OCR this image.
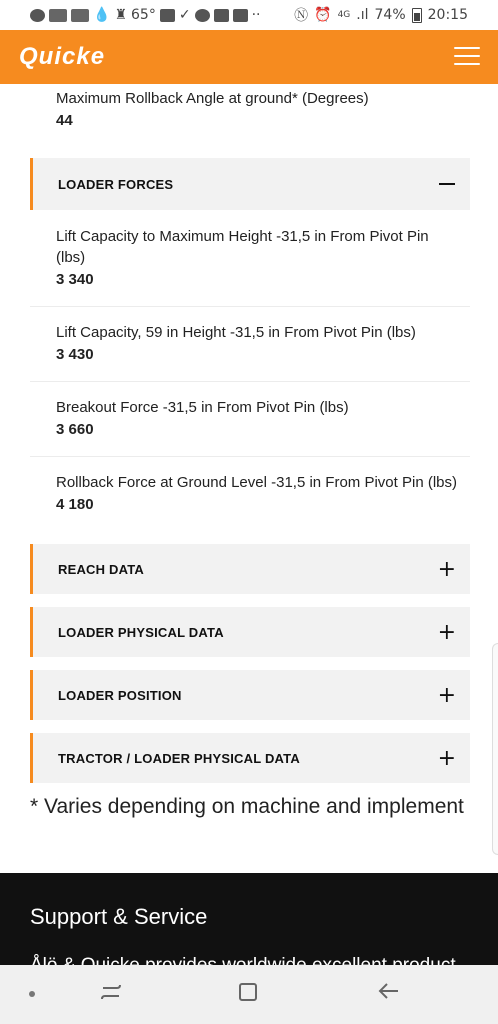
💧 ♜ 65° ✓	·· Ⓝ ⏰ 4G .ıl 74% 20:15
Quicke
Maximum Rollback Angle at ground* (Degrees)
44
LOADER FORCES
Lift Capacity to Maximum Height -31,5 in From Pivot Pin (lbs)
3 340
Lift Capacity, 59 in Height -31,5 in From Pivot Pin (lbs)
3 430
Breakout Force -31,5 in From Pivot Pin (lbs)
3 660
Rollback Force at Ground Level -31,5 in From Pivot Pin (lbs)
4 180
REACH DATA	+
LOADER PHYSICAL DATA	+
LOADER POSITION	+
TRACTOR / LOADER PHYSICAL DATA	+
* Varies depending on machine and implement
Support & Service
